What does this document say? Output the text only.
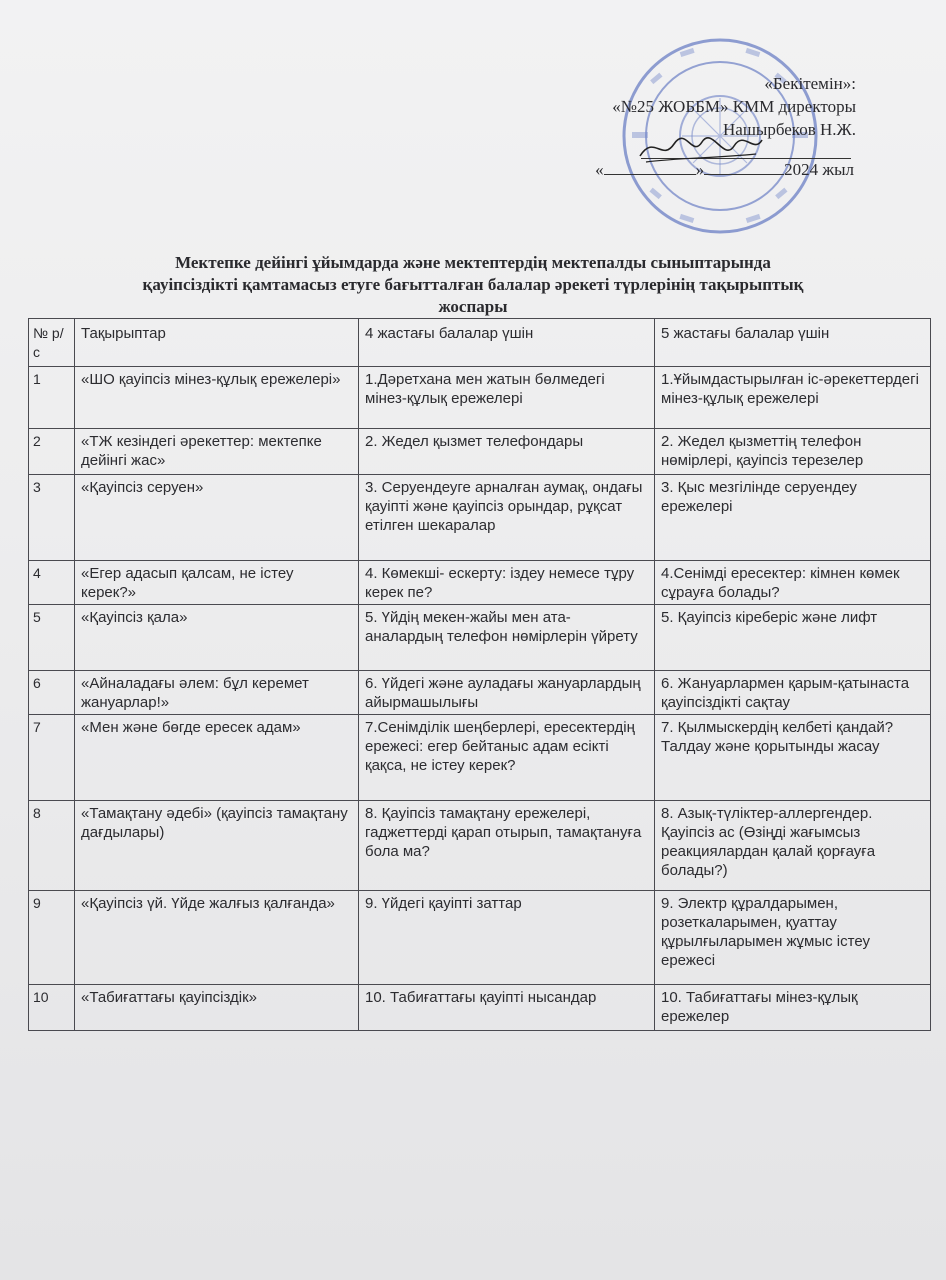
«Бекітемін»:
«№25 ЖОББМ» КММ директоры
Нашырбеков Н.Ж.
«	»	2024 жыл
Мектепке дейінгі ұйымдарда және мектептердің мектепалды сыныптарында
қауіпсіздікті қамтамасыз етуге бағытталған балалар әрекеті түрлерінің тақырыптық
жоспары
№ р/с	Тақырыптар	4 жастағы балалар үшін	5 жастағы балалар үшін
1	«ШО қауіпсіз мінез-құлық ережелері»	1.Дәретхана мен жатын бөлмедегі мінез-құлық ережелері	1.Ұйымдастырылған іс-әрекеттердегі мінез-құлық ережелері
2	«ТЖ кезіндегі әрекеттер: мектепке дейінгі жас»	2. Жедел қызмет телефондары	2. Жедел қызметтің телефон нөмірлері, қауіпсіз терезелер
3	«Қауіпсіз серуен»	3. Серуендеуге арналған аумақ, ондағы қауіпті және қауіпсіз орындар, рұқсат етілген шекаралар	3. Қыс мезгілінде серуендеу ережелері
4	«Егер адасып қалсам, не істеу керек?»	4. Көмекші- ескерту: іздеу немесе тұру керек пе?	4.Сенімді ересектер: кімнен көмек сұрауға болады?
5	«Қауіпсіз қала»	5. Үйдің мекен-жайы мен ата-аналардың телефон нөмірлерін үйрету	5. Қауіпсіз кіреберіс және лифт
6	«Айналадағы әлем: бұл керемет жануарлар!»	6. Үйдегі және ауладағы жануарлардың айырмашылығы	6. Жануарлармен қарым-қатынаста қауіпсіздікті сақтау
7	«Мен және бөгде ересек адам»	7.Сенімділік шеңберлері, ересектердің ережесі: егер бейтаныс адам есікті қақса, не істеу керек?	7. Қылмыскердің келбеті қандай? Талдау және қорытынды жасау
8	«Тамақтану әдебі» (қауіпсіз тамақтану дағдылары)	8. Қауіпсіз тамақтану ережелері, гаджеттерді қарап отырып, тамақтануға бола ма?	8. Азық-түліктер-аллергендер. Қауіпсіз ас (Өзіңді жағымсыз реакциялардан қалай қорғауға болады?)
9	«Қауіпсіз үй. Үйде жалғыз қалғанда»	9. Үйдегі қауіпті заттар	9. Электр құралдарымен, розеткаларымен, қуаттау құрылғыларымен жұмыс істеу ережесі
10	«Табиғаттағы қауіпсіздік»	10. Табиғаттағы қауіпті нысандар	10. Табиғаттағы мінез-құлық ережелер
